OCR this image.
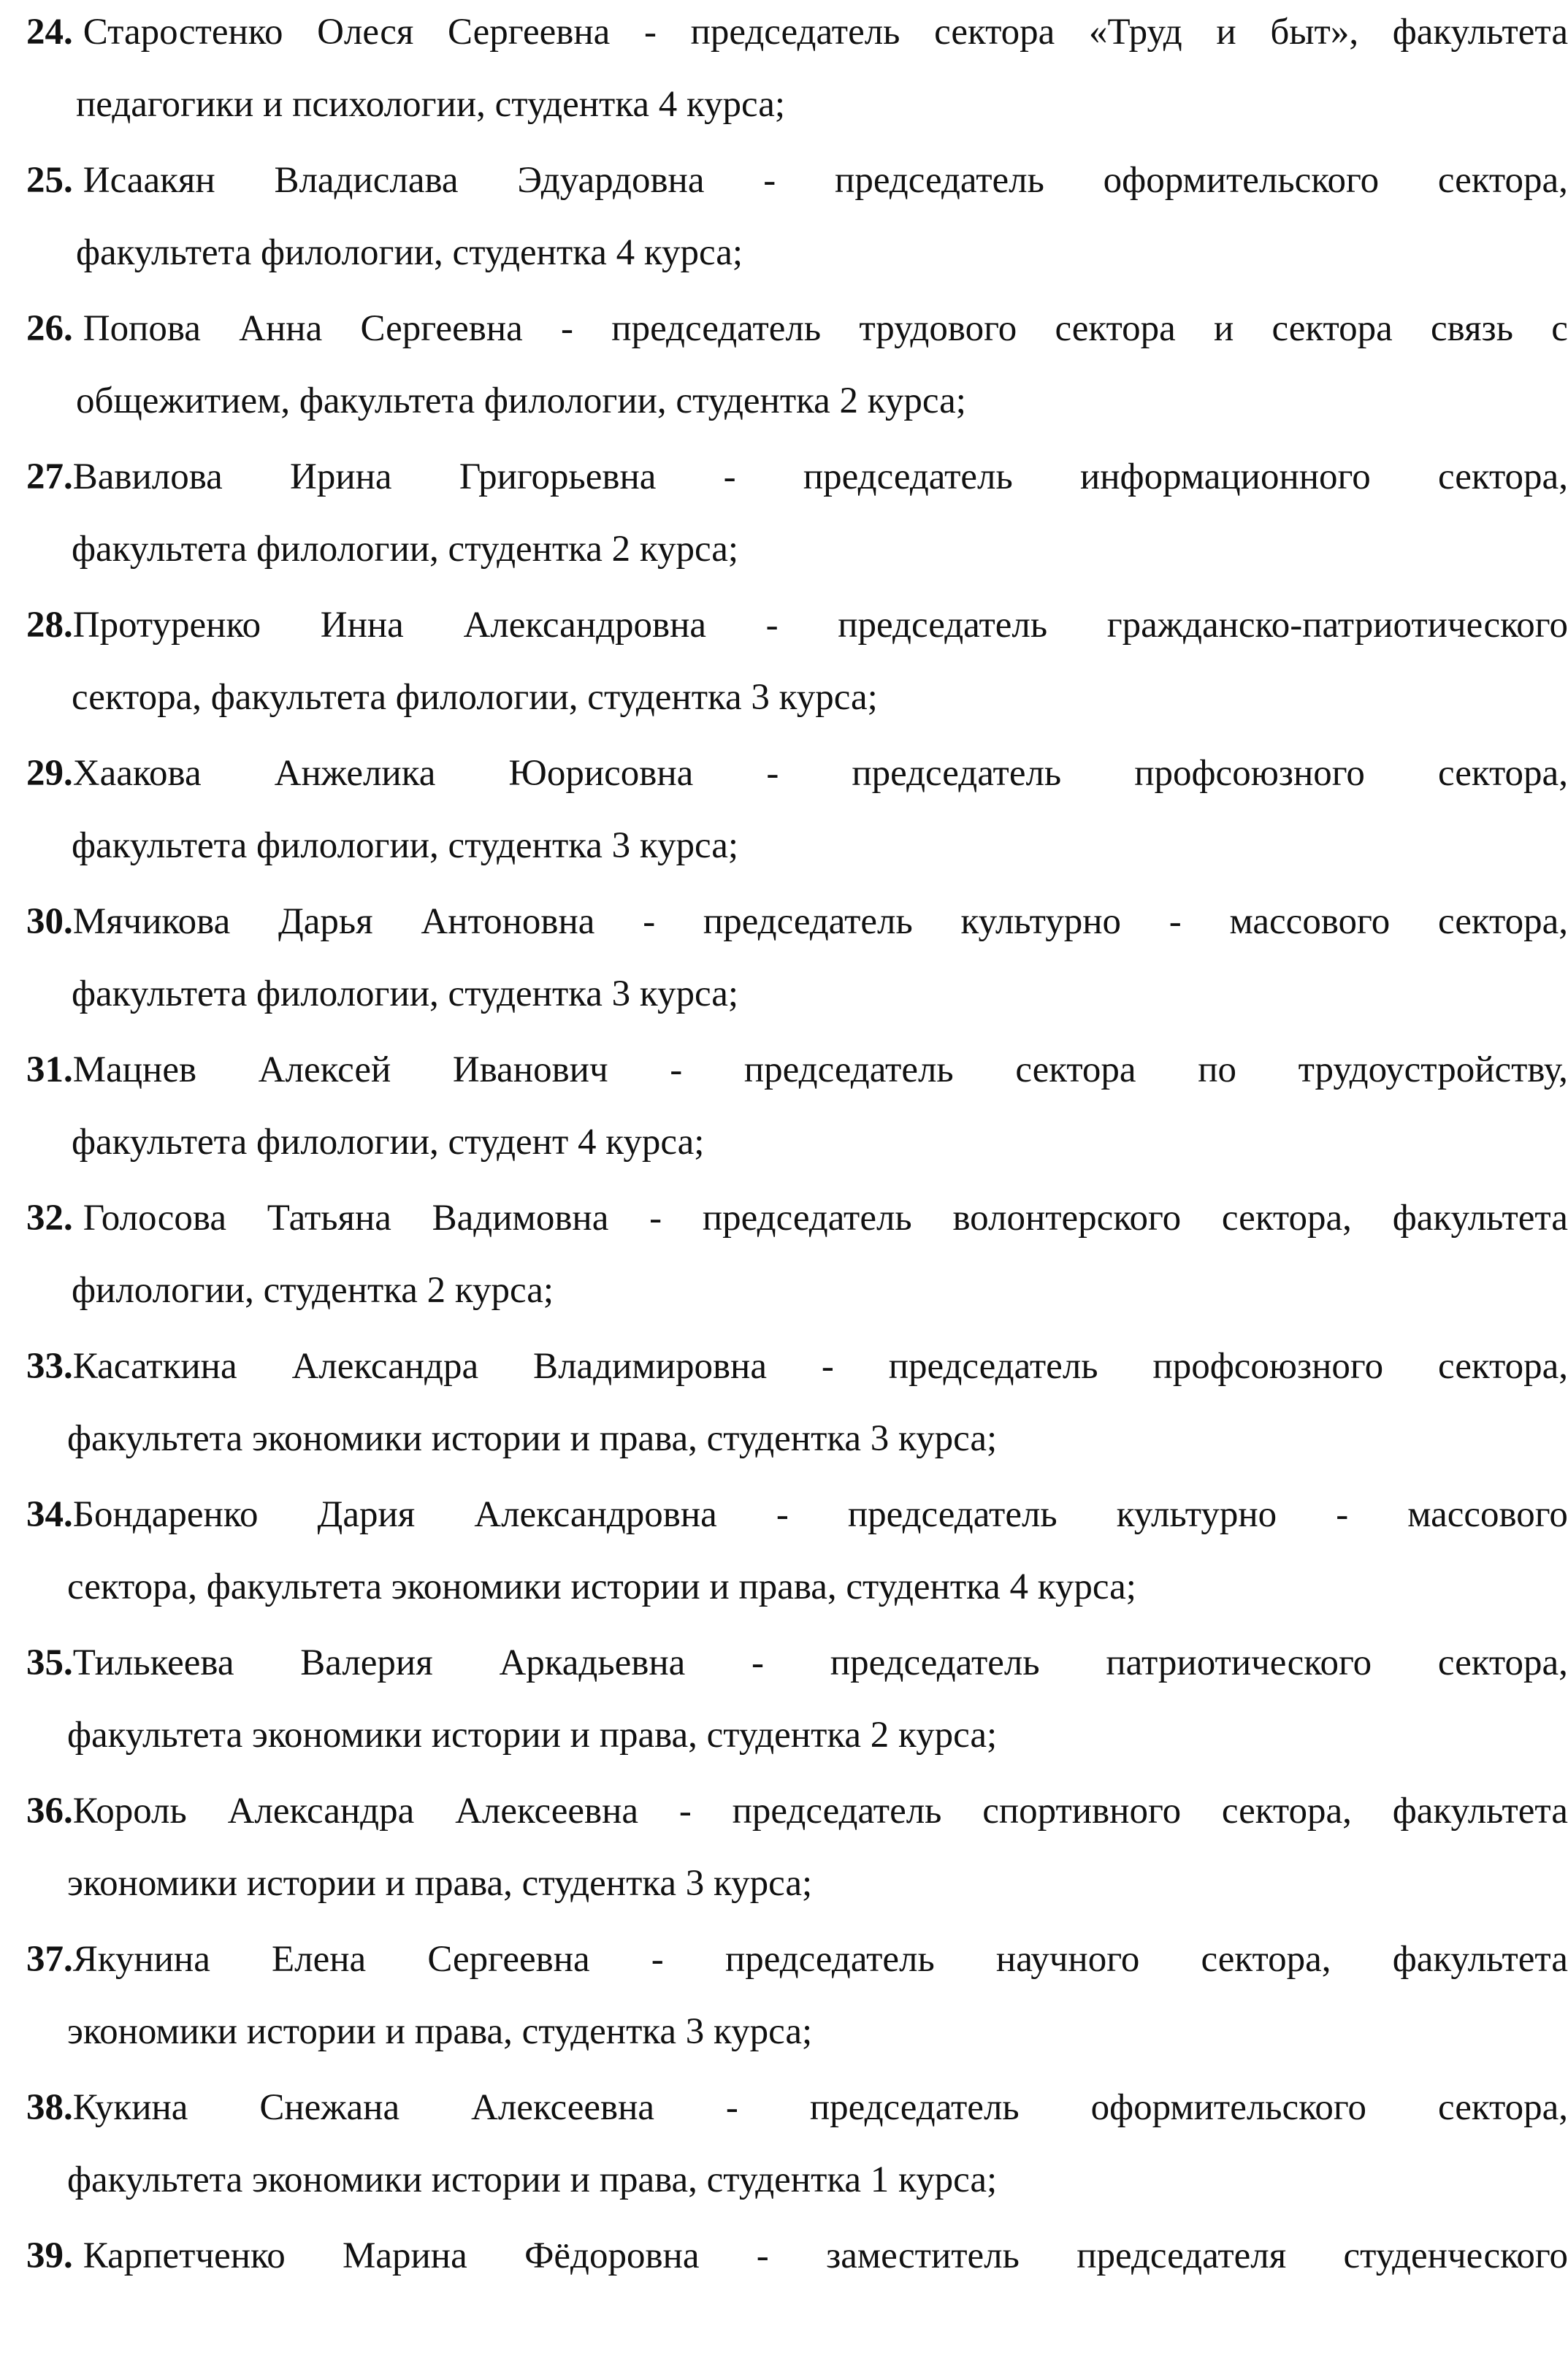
24. Старостенко Олеся Сергеевна - председатель сектора «Труд и быт», факультета
педагогики и психологии, студентка 4 курса;
25. Исаакян Владислава Эдуардовна - председатель оформительского сектора,
факультета филологии, студентка 4 курса;
26. Попова Анна Сергеевна - председатель трудового сектора и сектора связь с
общежитием, факультета филологии, студентка 2 курса;
27.Вавилова Ирина Григорьевна - председатель информационного сектора,
факультета филологии, студентка 2 курса;
28.Протуренко Инна Александровна - председатель гражданско-патриотического
сектора, факультета филологии, студентка 3 курса;
29.Хаакова Анжелика Юорисовна - председатель профсоюзного сектора,
факультета филологии, студентка 3 курса;
30.Мячикова Дарья Антоновна - председатель культурно - массового сектора,
факультета филологии, студентка 3 курса;
31.Мацнев Алексей Иванович - председатель сектора по трудоустройству,
факультета филологии, студент 4 курса;
32. Голосова Татьяна Вадимовна - председатель волонтерского сектора, факультета
филологии, студентка 2 курса;
33.Касаткина Александра Владимировна - председатель профсоюзного сектора,
факультета экономики истории и права, студентка 3 курса;
34.Бондаренко Дария Александровна - председатель культурно - массового
сектора, факультета экономики истории и права, студентка 4 курса;
35.Тилькеева Валерия Аркадьевна - председатель патриотического сектора,
факультета экономики истории и права, студентка 2 курса;
36.Король Александра Алексеевна - председатель спортивного сектора, факультета
экономики истории и права, студентка 3 курса;
37.Якунина Елена Сергеевна - председатель научного сектора, факультета
экономики истории и права, студентка 3 курса;
38.Кукина Снежана Алексеевна - председатель оформительского сектора,
факультета экономики истории и права, студентка 1 курса;
39. Карпетченко Марина Фёдоровна - заместитель председателя студенческого
